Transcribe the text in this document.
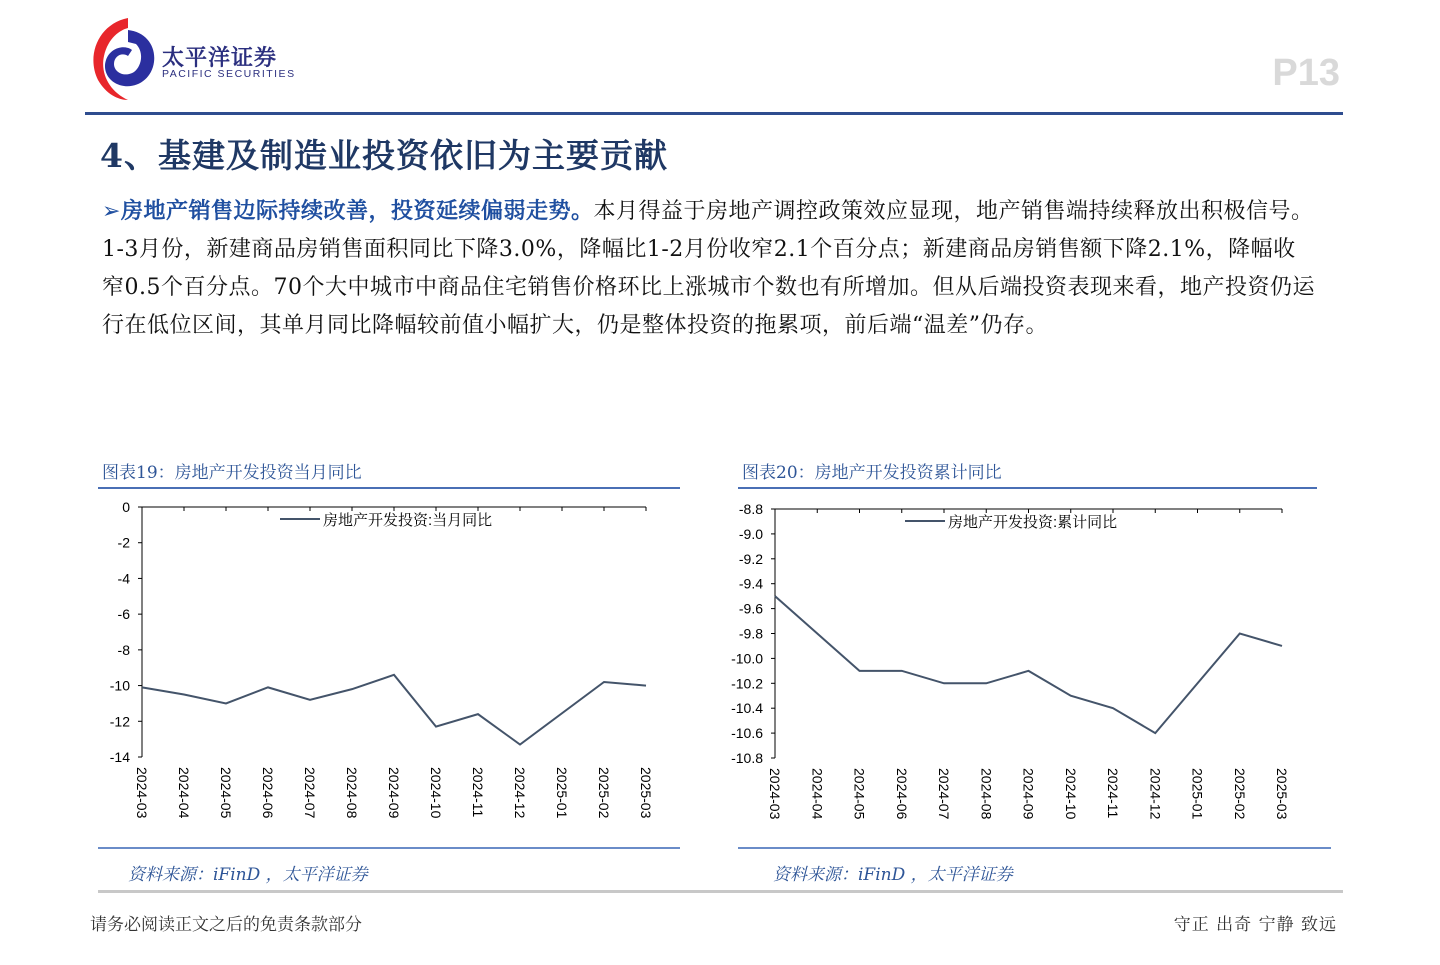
太平洋证券
PACIFIC SECURITIES	P13
4、基建及制造业投资依旧为主要贡献
➢房地产销售边际持续改善，投资延续偏弱走势。本月得益于房地产调控政策效应显现，地产销售端持续释放出积极信号。1-3月份，新建商品房销售面积同比下降3.0%，降幅比1-2月份收窄2.1个百分点；新建商品房销售额下降2.1%，降幅收窄0.5个百分点。70个大中城市中商品住宅销售价格环比上涨城市个数也有所增加。但从后端投资表现来看，地产投资仍运行在低位区间，其单月同比降幅较前值小幅扩大，仍是整体投资的拖累项，前后端“温差”仍存。
图表19：房地产开发投资当月同比
0
-2
-4
-6
-8
-10
-12
-14
2024-03 2024-04 2024-05 2024-06 2024-07 2024-08 2024-09 2024-10 2024-11 2024-12 2025-01 2025-02 2025-03
房地产开发投资:当月同比
资料来源：iFinD ，太平洋证券
图表20：房地产开发投资累计同比
-8.8
-9.0
-9.2
-9.4
-9.6
-9.8
-10.0
-10.2
-10.4
-10.6
-10.8
2024-03 2024-04 2024-05 2024-06 2024-07 2024-08 2024-09 2024-10 2024-11 2024-12 2025-01 2025-02 2025-03
房地产开发投资:累计同比
资料来源：iFinD ，太平洋证券
请务必阅读正文之后的免责条款部分	守正 出奇 宁静 致远
